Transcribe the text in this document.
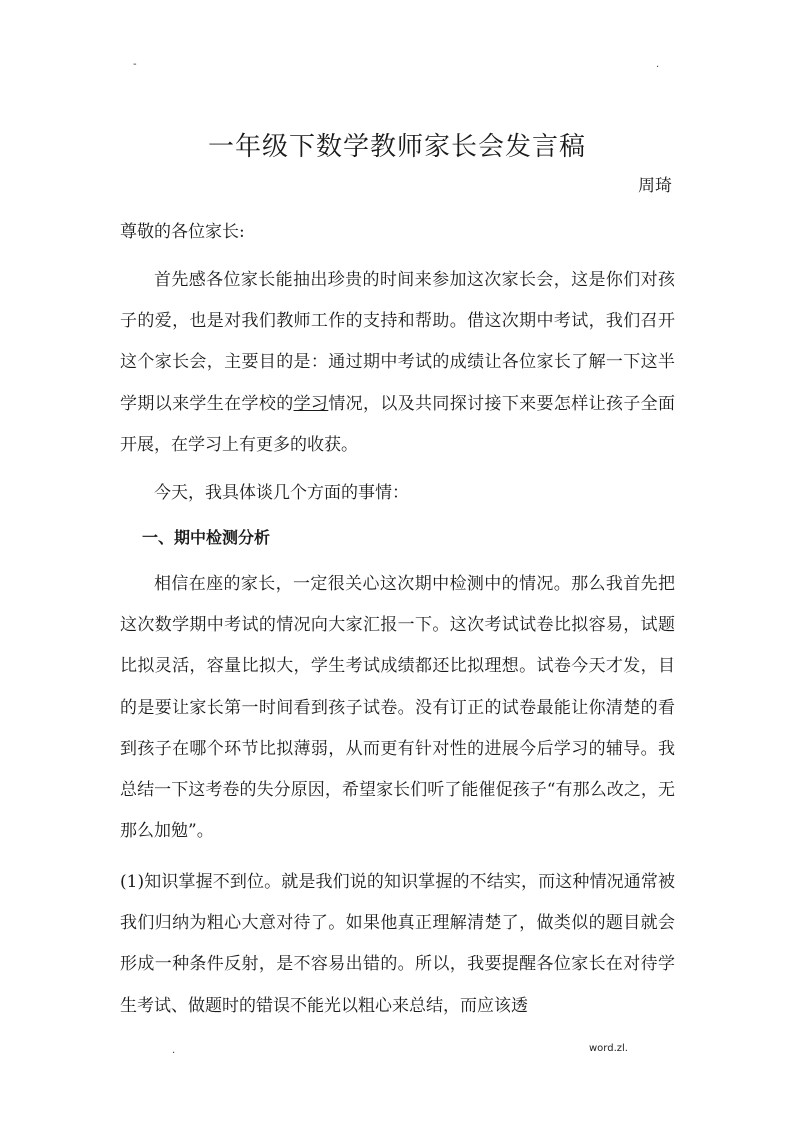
-	.
一年级下数学教师家长会发言稿
周琦
尊敬的各位家长:

首先感各位家长能抽出珍贵的时间来参加这次家长会，这是你们对孩子的爱，也是对我们教师工作的支持和帮助。借这次期中考试，我们召开这个家长会，主要目的是：通过期中考试的成绩让各位家长了解一下这半学期以来学生在学校的学习情况，以及共同探讨接下来要怎样让孩子全面开展，在学习上有更多的收获。

今天，我具体谈几个方面的事情：

一、期中检测分析

相信在座的家长，一定很关心这次期中检测中的情况。那么我首先把这次数学期中考试的情况向大家汇报一下。这次考试试卷比拟容易，试题比拟灵活，容量比拟大，学生考试成绩都还比拟理想。试卷今天才发，目的是要让家长第一时间看到孩子试卷。没有订正的试卷最能让你清楚的看到孩子在哪个环节比拟薄弱，从而更有针对性的进展今后学习的辅导。我总结一下这考卷的失分原因，希望家长们听了能催促孩子“有那么改之，无那么加勉”。

(1)知识掌握不到位。就是我们说的知识掌握的不结实，而这种情况通常被我们归纳为粗心大意对待了。如果他真正理解清楚了，做类似的题目就会形成一种条件反射，是不容易出错的。所以，我要提醒各位家长在对待学生考试、做题时的错误不能光以粗心来总结，而应该透

.	word.zl.
